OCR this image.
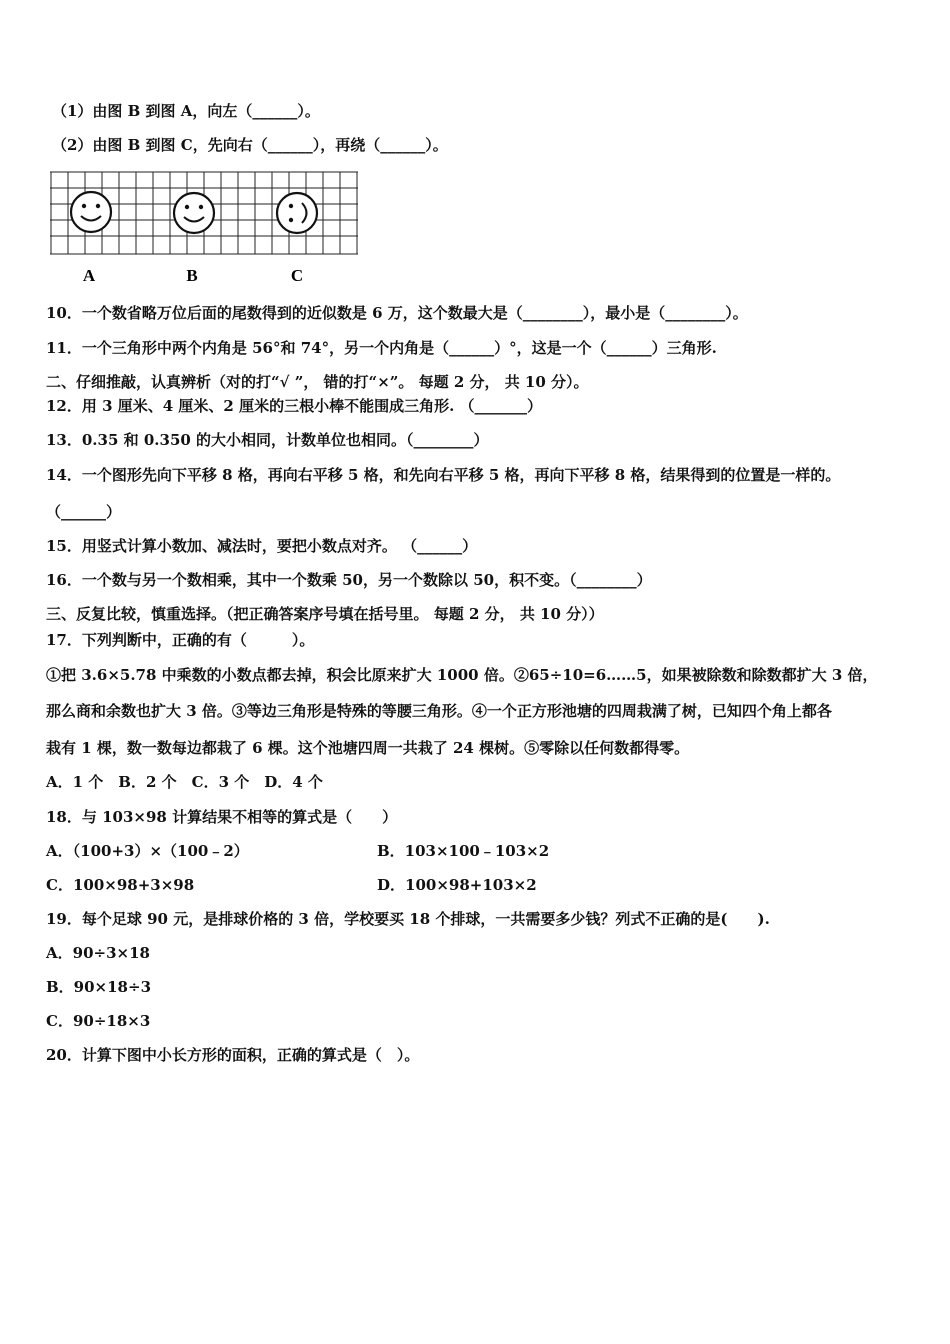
（1）由图 B 到图 A，向左（______）。
（2）由图 B 到图 C，先向右（______），再绕（______）。
A	B	C
10．一个数省略万位后面的尾数得到的近似数是 6 万，这个数最大是（________），最小是（________）。
11．一个三角形中两个内角是 56°和 74°，另一个内角是（______）°，这是一个（______）三角形.
二、仔细推敲，认真辨析（对的打“√ ”， 错的打“×”。 每题 2 分， 共 10 分）。
12．用 3 厘米、4 厘米、2 厘米的三根小棒不能围成三角形. （_______）
13．0.35 和 0.350 的大小相同，计数单位也相同。（________）
14．一个图形先向下平移 8 格，再向右平移 5 格，和先向右平移 5 格，再向下平移 8 格，结果得到的位置是一样的。
（______）
15．用竖式计算小数加、减法时，要把小数点对齐。 （______）
16．一个数与另一个数相乘，其中一个数乘 50，另一个数除以 50，积不变。（________）
三、反复比较，慎重选择。（把正确答案序号填在括号里。 每题 2 分， 共 10 分））
17．下列判断中，正确的有（　　　）。
①把 3.6×5.78 中乘数的小数点都去掉，积会比原来扩大 1000 倍。②65÷10=6……5，如果被除数和除数都扩大 3 倍，
那么商和余数也扩大 3 倍。③等边三角形是特殊的等腰三角形。④一个正方形池塘的四周栽满了树，已知四个角上都各
栽有 1 棵，数一数每边都栽了 6 棵。这个池塘四周一共栽了 24 棵树。⑤零除以任何数都得零。
A．1 个　B．2 个　C．3 个　D．4 个
18．与 103×98 计算结果不相等的算式是（　　）
A．（100+3）×（100﹣2）	B．103×100﹣103×2
C．100×98+3×98	D．100×98+103×2
19．每个足球 90 元，是排球价格的 3 倍，学校要买 18 个排球，一共需要多少钱？列式不正确的是(　　).
A．90÷3×18
B．90×18÷3
C．90÷18×3
20．计算下图中小长方形的面积，正确的算式是（　）。
